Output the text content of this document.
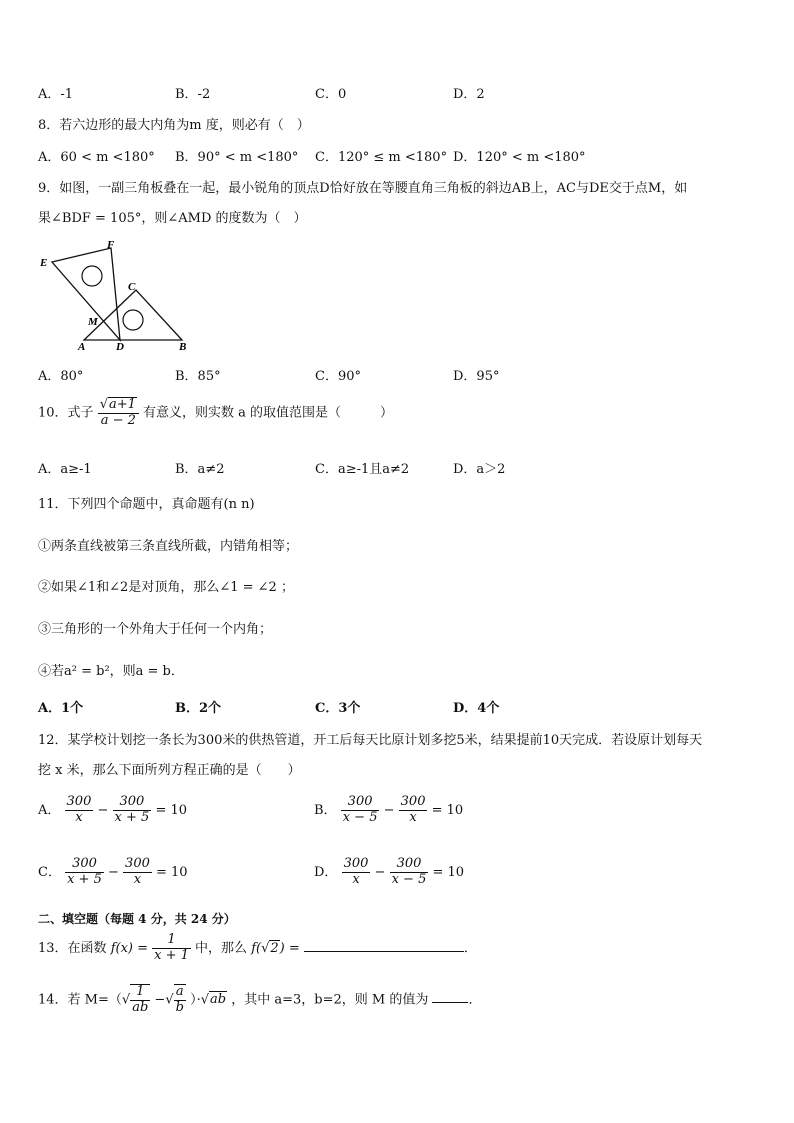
A．-1	B．-2	C．0	D．2
8．若六边形的最大内角为m 度，则必有（　）
A．60 < m <180° B．90° < m <180° C．120° ≤ m <180° D．120° < m <180°
9．如图，一副三角板叠在一起，最小锐角的顶点D恰好放在等腰直角三角板的斜边AB上，AC与DE交于点M，如
果∠BDF = 105°，则∠AMD 的度数为（　）
E
F
C
M
A	D	B
A．80°	B．85°	C．90°	D．95°
10．式子 $\frac{√a+1}{a - 2}$ 有意义，则实数 a 的取值范围是（　　　）
A．a≥-1	B．a≠2	C．a≥-1且a≠2	D．a＞2
11．下列四个命题中，真命题有(n n)
①两条直线被第三条直线所截，内错角相等；
②如果∠1和∠2是对顶角，那么∠1 = ∠2 ；
③三角形的一个外角大于任何一个内角；
④若a² = b²，则a = b．
A．1个	B．2个	C．3个	D．4个
12．某学校计划挖一条长为300米的供热管道，开工后每天比原计划多挖5米，结果提前10天完成．若设原计划每天
挖 x 米，那么下面所列方程正确的是（　　）
A． $\frac{300}{x} - \frac{300}{x + 5} = 10$	B． $\frac{300}{x - 5} - \frac{300}{x} = 10$
C． $\frac{300}{x + 5} - \frac{300}{x} = 10$	D． $\frac{300}{x} - \frac{300}{x - 5} = 10$
二、填空题（每题 4 分，共 24 分）
13．在函数 $f(x) = \frac{1}{x + 1}$ 中，那么 f(√2) =	．
14．若 $M=(√ \frac{1}{ab}$ −√ $\frac{a}{b} )\cdot√ab$ ，其中 a=3，b=2，则 M 的值为	．
